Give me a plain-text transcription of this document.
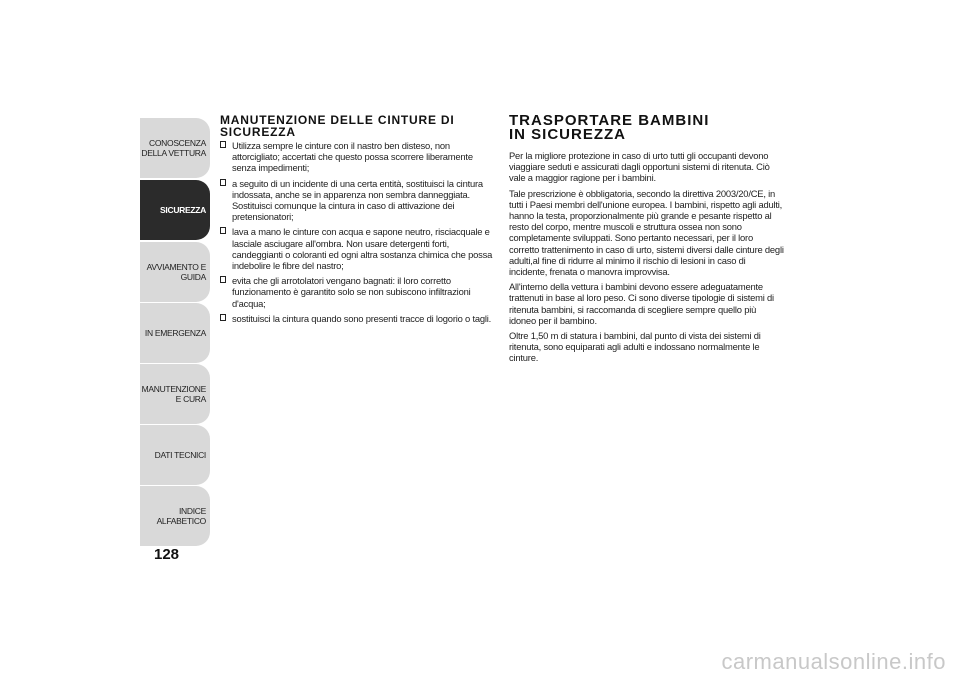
CONOSCENZA DELLA VETTURA
SICUREZZA
AVVIAMENTO E GUIDA
IN EMERGENZA
MANUTENZIONE E CURA
DATI TECNICI
INDICE ALFABETICO
128
MANUTENZIONE DELLE CINTURE DI SICUREZZA
Utilizza sempre le cinture con il nastro ben disteso, non attorcigliato; accertati che questo possa scorrere liberamente senza impedimenti;
a seguito di un incidente di una certa entità, sostituisci la cintura indossata, anche se in apparenza non sembra danneggiata. Sostituisci comunque la cintura in caso di attivazione dei pretensionatori;
lava a mano le cinture con acqua e sapone neutro, risciacquale e lasciale asciugare all'ombra. Non usare detergenti forti, candeggianti o coloranti ed ogni altra sostanza chimica che possa indebolire le fibre del nastro;
evita che gli arrotolatori vengano bagnati: il loro corretto funzionamento è garantito solo se non subiscono infiltrazioni d'acqua;
sostituisci la cintura quando sono presenti tracce di logorio o tagli.
TRASPORTARE BAMBINI
IN SICUREZZA

Per la migliore protezione in caso di urto tutti gli occupanti devono viaggiare seduti e assicurati dagli opportuni sistemi di ritenuta. Ciò vale a maggior ragione per i bambini.

Tale prescrizione è obbligatoria, secondo la direttiva 2003/20/CE, in tutti i Paesi membri dell'unione europea. I bambini, rispetto agli adulti, hanno la testa, proporzionalmente più grande e pesante rispetto al resto del corpo, mentre muscoli e struttura ossea non sono completamente sviluppati. Sono pertanto necessari, per il loro corretto trattenimento in caso di urto, sistemi diversi dalle cinture degli adulti,al fine di ridurre al minimo il rischio di lesioni in caso di incidente, frenata o manovra improvvisa.

All'interno della vettura i bambini devono essere adeguatamente trattenuti in base al loro peso. Ci sono diverse tipologie di sistemi di ritenuta bambini, si raccomanda di sceglierе sempre quello più idoneo per il bambino.

Oltre 1,50 m di statura i bambini, dal punto di vista dei sistemi di ritenuta, sono equiparati agli adulti e indossano normalmente le cinture.

carmanualsonline.info
